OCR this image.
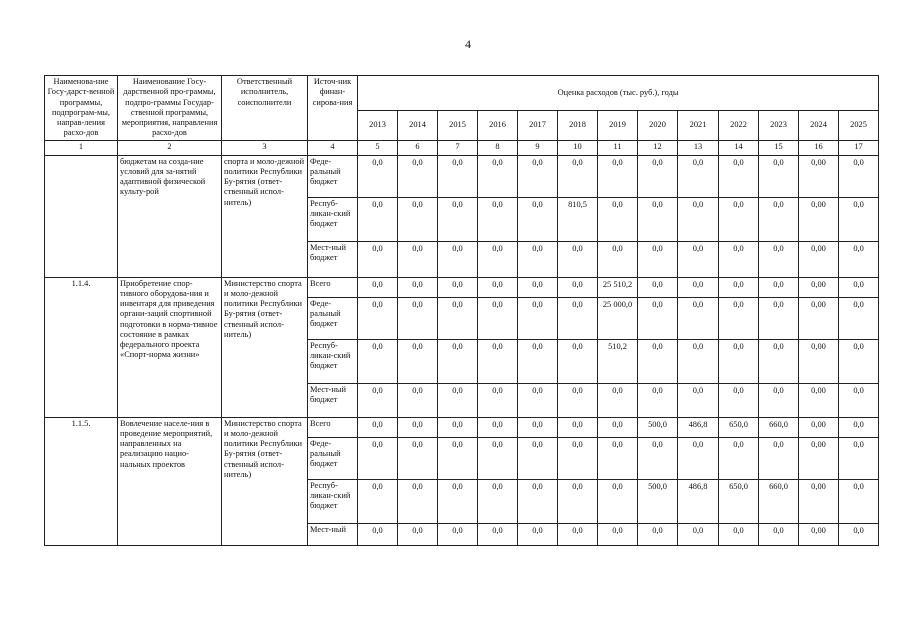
4
Наименова-ние Госу-дарст-венной программы, подпрограм-мы, направ-ления расхо-дов	Наименование Госу-дарственной про-граммы, подпро-граммы Государ-ственной программы, мероприятия, направления расхо-дов	Ответственный исполнитель, соисполнители	Источ-ник финан-сирова-ния	Оценка расходов (тыс. руб.), годы												
				2013	2014	2015	2016	2017	2018	2019	2020	2021	2022	2023	2024	2025
1	2	3	4	5	6	7	8	9	10	11	12	13	14	15	16	17
	бюджетам на созда-ние условий для за-нятий адаптивной физической культу-рой	спорта и моло-дежной политики Республики Бу-рятия (ответ-ственный испол-нитель)	Феде-ральный бюджет	0,0	0,0	0,0	0,0	0,0	0,0	0,0	0,0	0,0	0,0	0,0	0,00	0,0
			Респуб-ликан-ский бюджет	0,0	0,0	0,0	0,0	0,0	810,5	0,0	0,0	0,0	0,0	0,0	0,00	0,0
			Мест-ный бюджет	0,0	0,0	0,0	0,0	0,0	0,0	0,0	0,0	0,0	0,0	0,0	0,00	0,0
1.1.4.	Приобретение спор-тивного оборудова-ния и инвентаря для приведения органи-заций спортивной подготовки в норма-тивное состояние в рамках федерального проекта «Спорт-норма жизни»	Министерство спорта и моло-дежной политики Республики Бу-рятия (ответ-ственный испол-нитель)	Всего	0,0	0,0	0,0	0,0	0,0	0,0	25 510,2	0,0	0,0	0,0	0,0	0,00	0,0
			Феде-ральный бюджет	0,0	0,0	0,0	0,0	0,0	0,0	25 000,0	0,0	0,0	0,0	0,0	0,00	0,0
			Респуб-ликан-ский бюджет	0,0	0,0	0,0	0,0	0,0	0,0	510,2	0,0	0,0	0,0	0,0	0,00	0,0
			Мест-ный бюджет	0,0	0,0	0,0	0,0	0,0	0,0	0,0	0,0	0,0	0,0	0,0	0,00	0,0
1.1.5.	Вовлечение населе-ния в проведение мероприятий, направленных на реализацию нацио-нальных проектов	Министерство спорта и моло-дежной политики Республики Бу-рятия (ответ-ственный испол-нитель)	Всего	0,0	0,0	0,0	0,0	0,0	0,0	0,0	500,0	486,8	650,0	660,0	0,00	0,0
			Феде-ральный бюджет	0,0	0,0	0,0	0,0	0,0	0,0	0,0	0,0	0,0	0,0	0,0	0,00	0,0
			Респуб-ликан-ский бюджет	0,0	0,0	0,0	0,0	0,0	0,0	0,0	500,0	486,8	650,0	660,0	0,00	0,0
			Мест-ный	0,0	0,0	0,0	0,0	0,0	0,0	0,0	0,0	0,0	0,0	0,0	0,00	0,0
